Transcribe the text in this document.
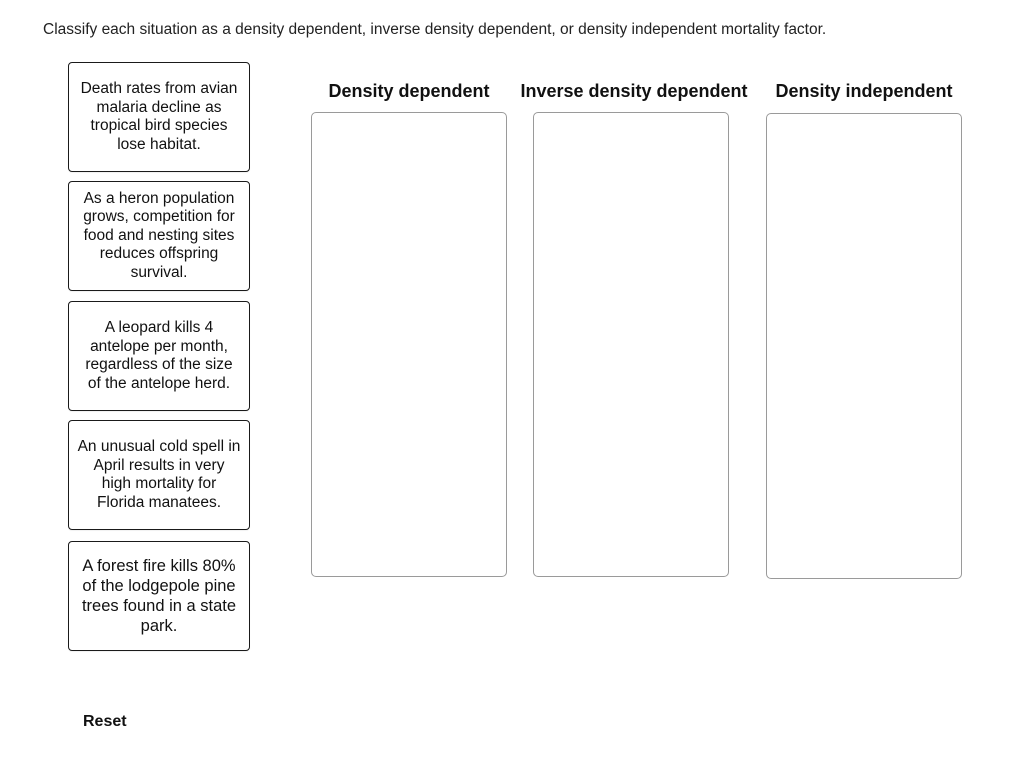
Classify each situation as a density dependent, inverse density dependent, or density independent mortality factor.
Death rates from avian malaria decline as tropical bird species lose habitat.
As a heron population grows, competition for food and nesting sites reduces offspring survival.
A leopard kills 4 antelope per month, regardless of the size of the antelope herd.
An unusual cold spell in April results in very high mortality for Florida manatees.
A forest fire kills 80% of the lodgepole pine trees found in a state park.
Density dependent	Inverse density dependent	Density independent
Reset
